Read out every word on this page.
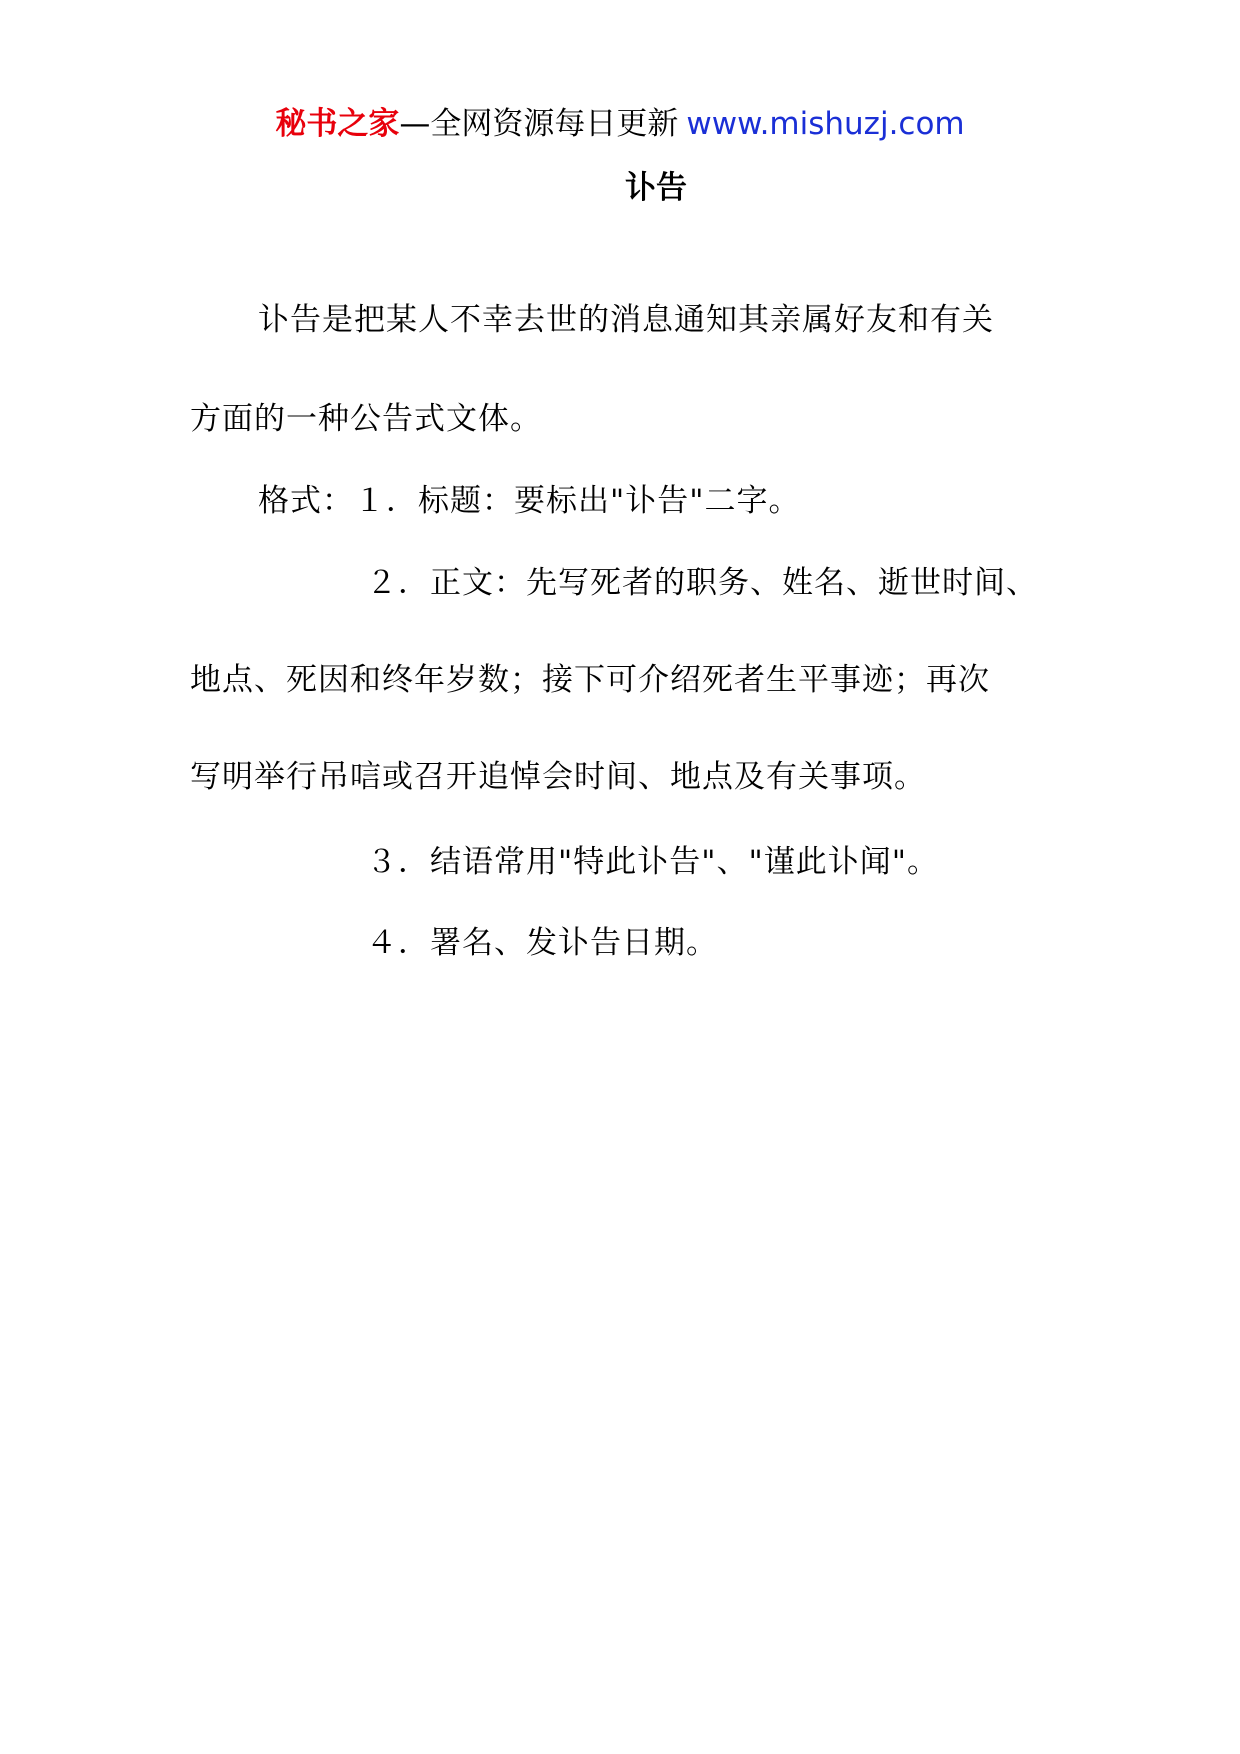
秘书之家—全网资源每日更新 www.mishuzj.com
讣告
讣告是把某人不幸去世的消息通知其亲属好友和有关
方面的一种公告式文体。
格式：１．标题：要标出"讣告"二字。
２．正文：先写死者的职务、姓名、逝世时间、
地点、死因和终年岁数；接下可介绍死者生平事迹；再次
写明举行吊唁或召开追悼会时间、地点及有关事项。
３．结语常用"特此讣告"、"谨此讣闻"。
４．署名、发讣告日期。
